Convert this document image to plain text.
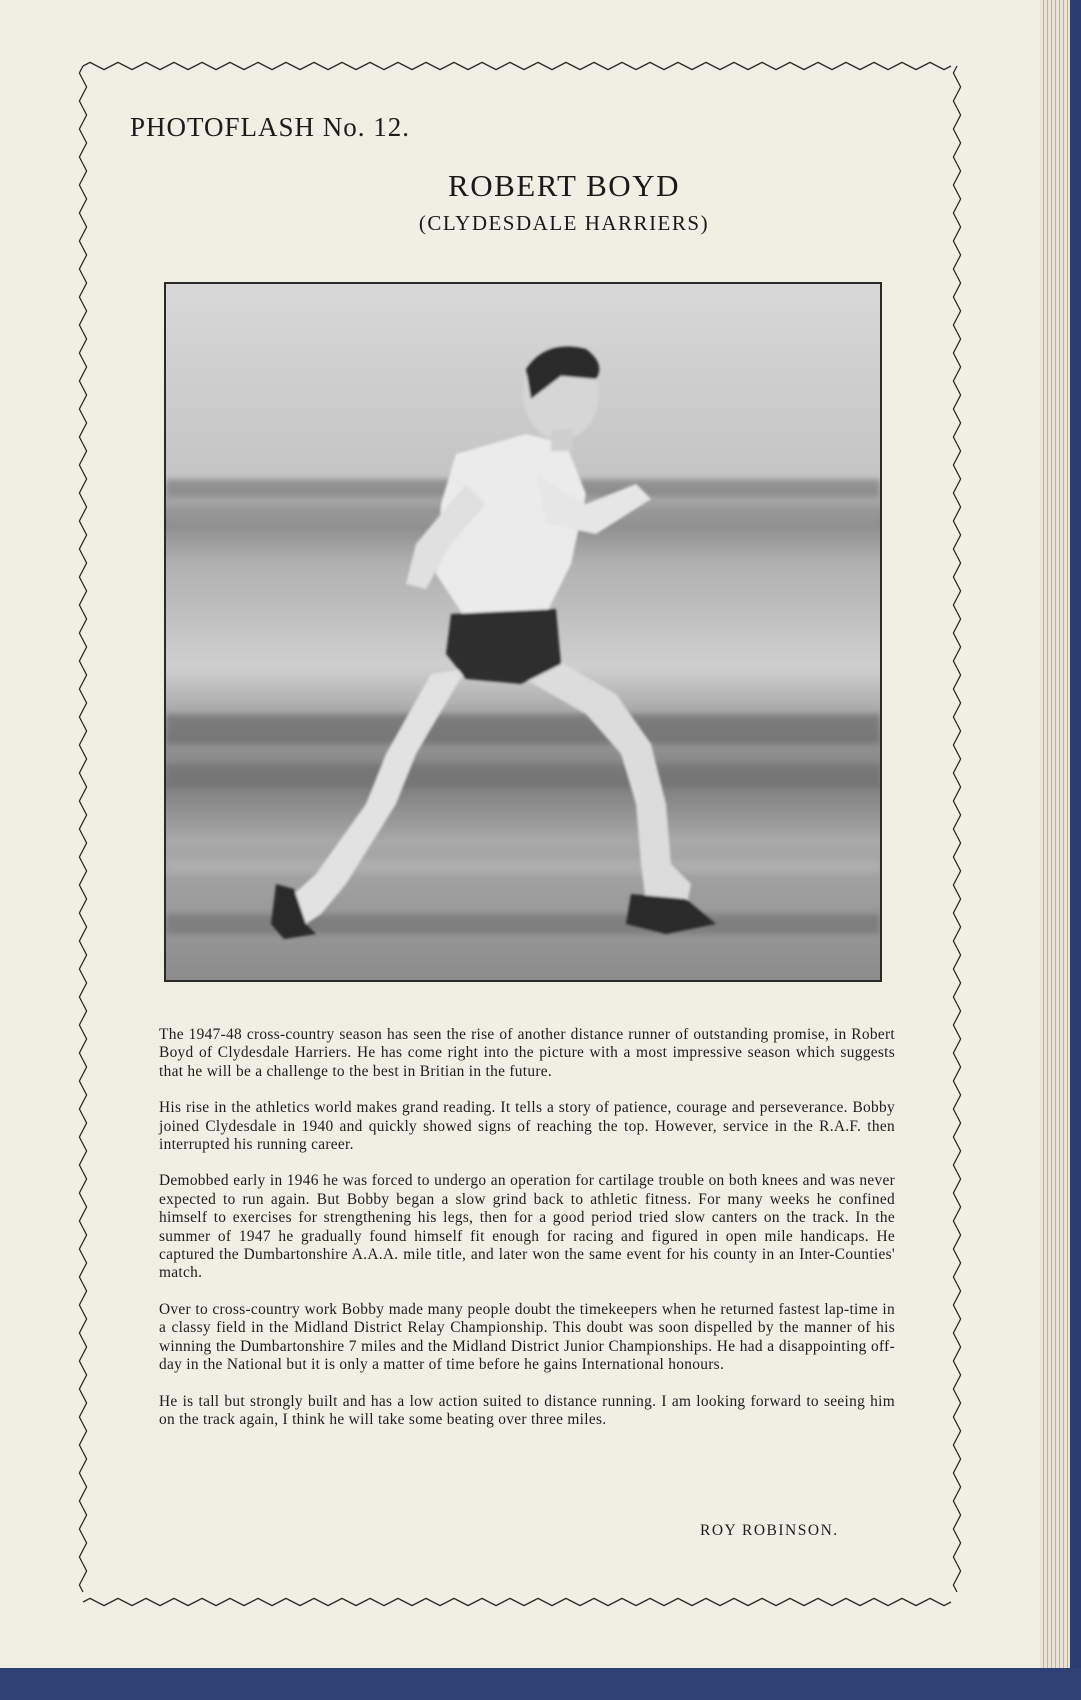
PHOTOFLASH No. 12.
ROBERT BOYD
(CLYDESDALE HARRIERS)

The 1947-48 cross-country season has seen the rise of another distance runner of outstanding promise, in Robert Boyd of Clydesdale Harriers. He has come right into the picture with a most impressive season which suggests that he will be a challenge to the best in Britian in the future.

His rise in the athletics world makes grand reading. It tells a story of patience, courage and perseverance. Bobby joined Clydesdale in 1940 and quickly showed signs of reaching the top. However, service in the R.A.F. then interrupted his running career.

Demobbed early in 1946 he was forced to undergo an operation for cartilage trouble on both knees and was never expected to run again. But Bobby began a slow grind back to athletic fitness. For many weeks he confined himself to exercises for strengthening his legs, then for a good period tried slow canters on the track. In the summer of 1947 he gradually found himself fit enough for racing and figured in open mile handicaps. He captured the Dumbartonshire A.A.A. mile title, and later won the same event for his county in an Inter-Counties' match.

Over to cross-country work Bobby made many people doubt the timekeepers when he returned fastest lap-time in a classy field in the Midland District Relay Championship. This doubt was soon dispelled by the manner of his winning the Dumbartonshire 7 miles and the Midland District Junior Championships. He had a disappointing off-day in the National but it is only a matter of time before he gains International honours.

He is tall but strongly built and has a low action suited to distance running. I am looking forward to seeing him on the track again, I think he will take some beating over three miles.

ROY ROBINSON.
